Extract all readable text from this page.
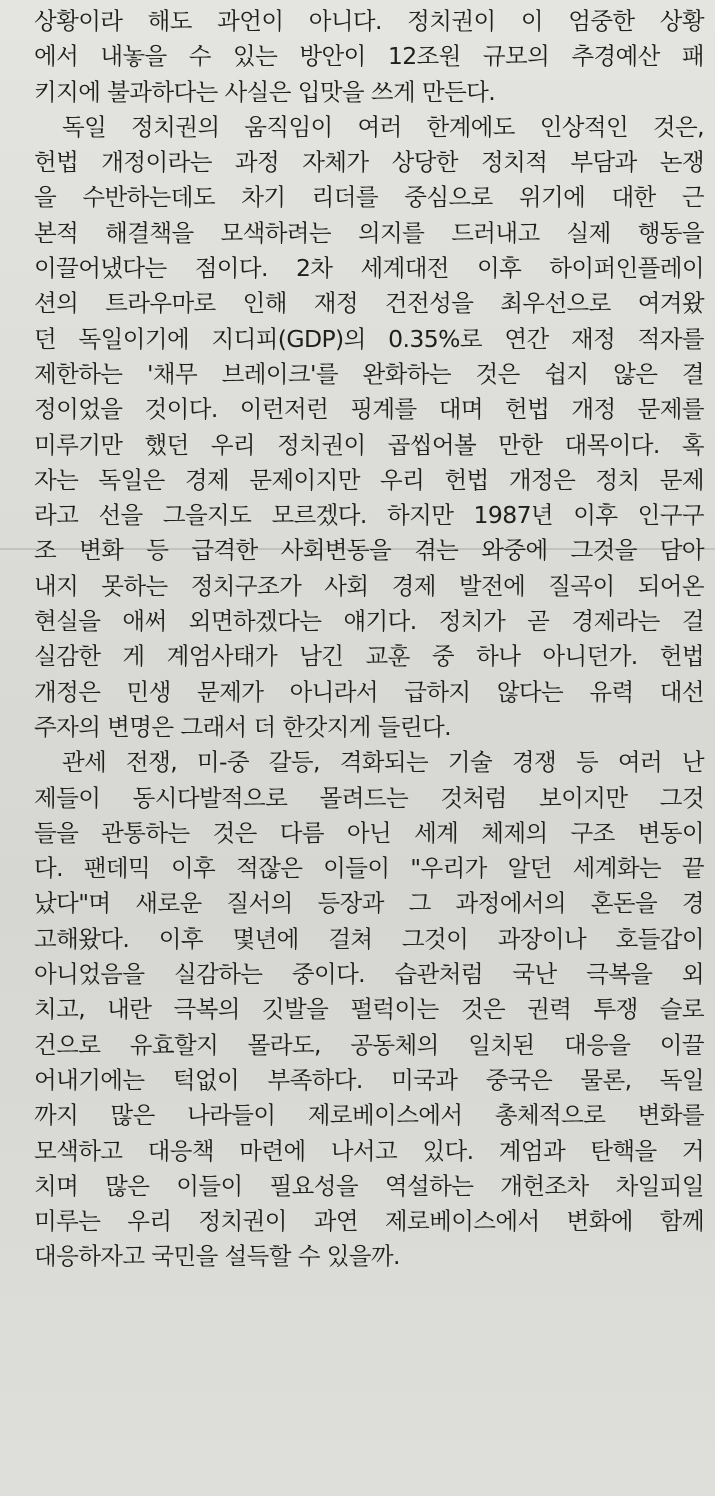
상황이라 해도 과언이 아니다. 정치권이 이 엄중한 상황
에서 내놓을 수 있는 방안이 12조원 규모의 추경예산 패
키지에 불과하다는 사실은 입맛을 쓰게 만든다.
독일 정치권의 움직임이 여러 한계에도 인상적인 것은,
헌법 개정이라는 과정 자체가 상당한 정치적 부담과 논쟁
을 수반하는데도 차기 리더를 중심으로 위기에 대한 근
본적 해결책을 모색하려는 의지를 드러내고 실제 행동을
이끌어냈다는 점이다. 2차 세계대전 이후 하이퍼인플레이
션의 트라우마로 인해 재정 건전성을 최우선으로 여겨왔
던 독일이기에 지디피(GDP)의 0.35%로 연간 재정 적자를
제한하는 '채무 브레이크'를 완화하는 것은 쉽지 않은 결
정이었을 것이다. 이런저런 핑계를 대며 헌법 개정 문제를
미루기만 했던 우리 정치권이 곱씹어볼 만한 대목이다. 혹
자는 독일은 경제 문제이지만 우리 헌법 개정은 정치 문제
라고 선을 그을지도 모르겠다. 하지만 1987년 이후 인구구
조 변화 등 급격한 사회변동을 겪는 와중에 그것을 담아
내지 못하는 정치구조가 사회 경제 발전에 질곡이 되어온
현실을 애써 외면하겠다는 얘기다. 정치가 곧 경제라는 걸
실감한 게 계엄사태가 남긴 교훈 중 하나 아니던가. 헌법
개정은 민생 문제가 아니라서 급하지 않다는 유력 대선
주자의 변명은 그래서 더 한갓지게 들린다.
관세 전쟁, 미-중 갈등, 격화되는 기술 경쟁 등 여러 난
제들이 동시다발적으로 몰려드는 것처럼 보이지만 그것
들을 관통하는 것은 다름 아닌 세계 체제의 구조 변동이
다. 팬데믹 이후 적잖은 이들이 "우리가 알던 세계화는 끝
났다"며 새로운 질서의 등장과 그 과정에서의 혼돈을 경
고해왔다. 이후 몇년에 걸쳐 그것이 과장이나 호들갑이
아니었음을 실감하는 중이다. 습관처럼 국난 극복을 외
치고, 내란 극복의 깃발을 펄럭이는 것은 권력 투쟁 슬로
건으로 유효할지 몰라도, 공동체의 일치된 대응을 이끌
어내기에는 턱없이 부족하다. 미국과 중국은 물론, 독일
까지 많은 나라들이 제로베이스에서 총체적으로 변화를
모색하고 대응책 마련에 나서고 있다. 계엄과 탄핵을 거
치며 많은 이들이 필요성을 역설하는 개헌조차 차일피일
미루는 우리 정치권이 과연 제로베이스에서 변화에 함께
대응하자고 국민을 설득할 수 있을까.
